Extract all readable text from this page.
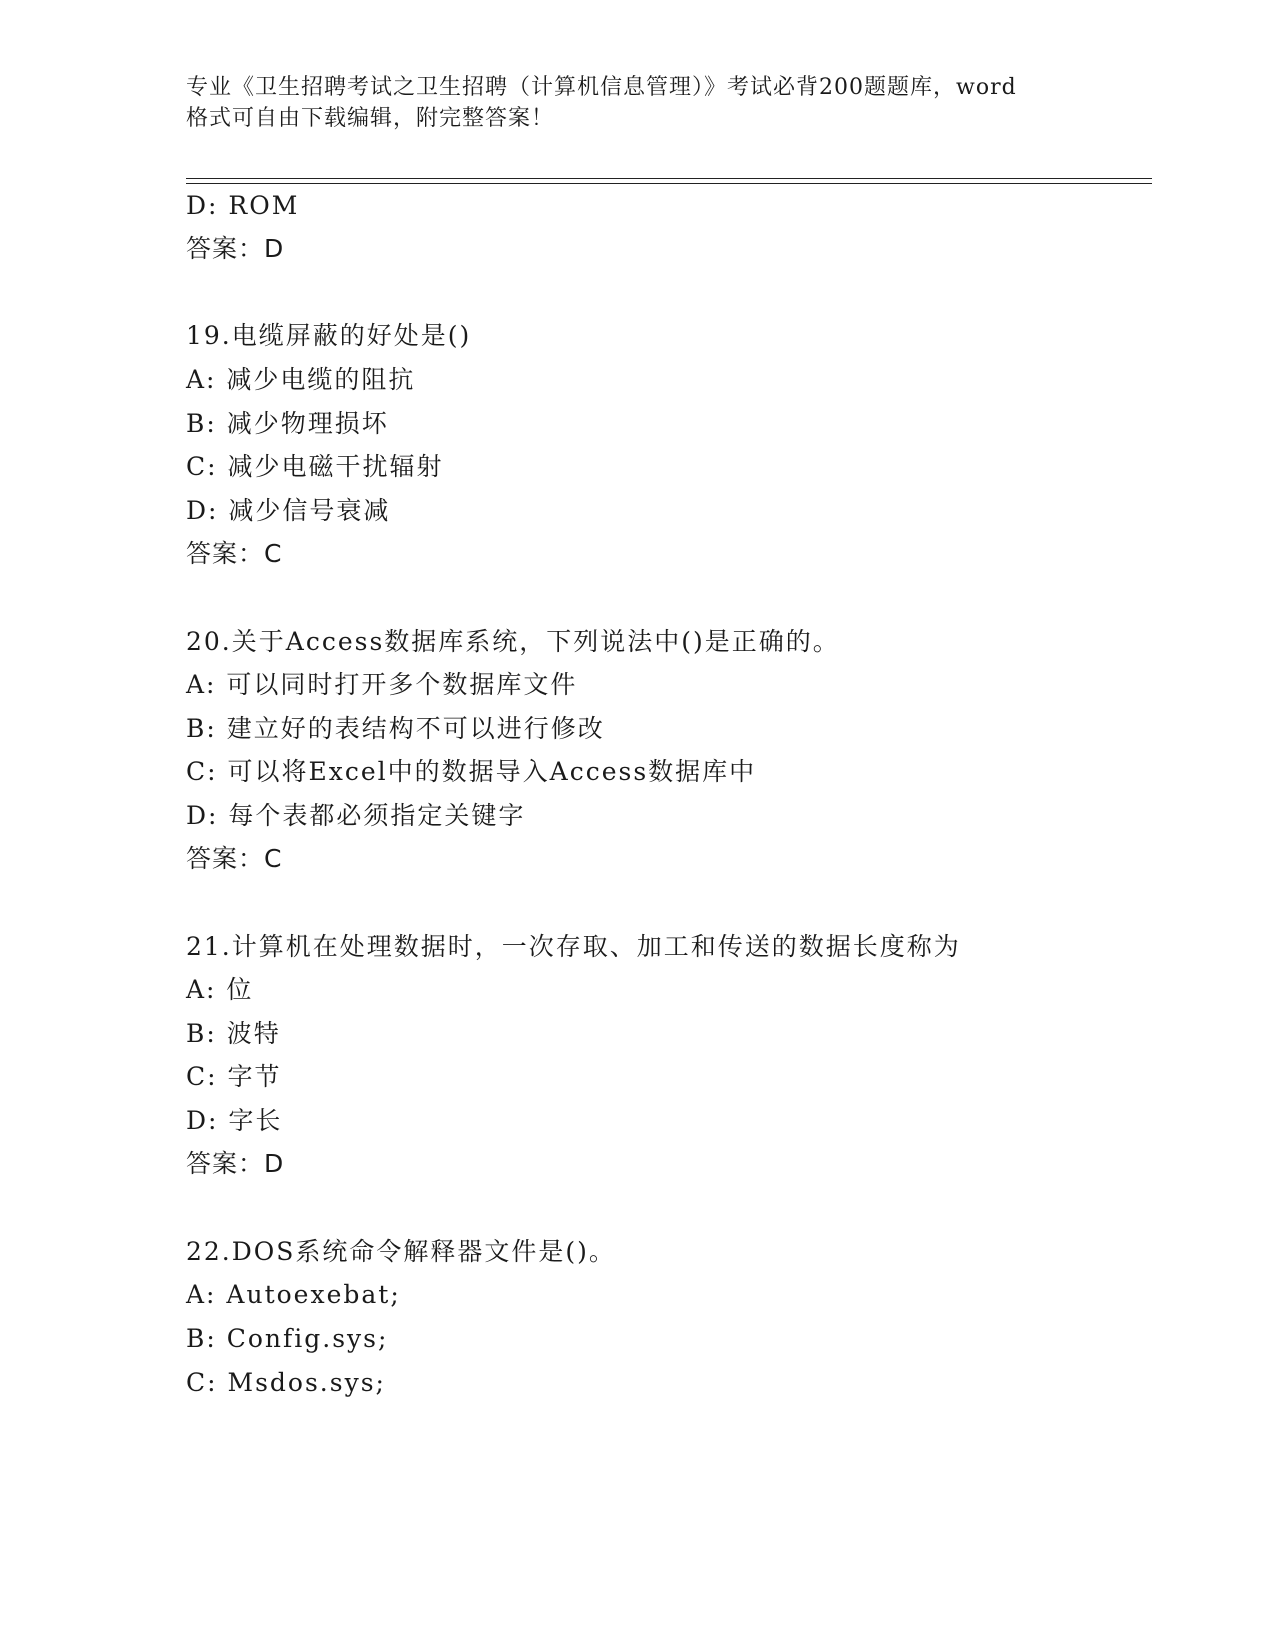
专业《卫生招聘考试之卫生招聘（计算机信息管理）》考试必背200题题库，word
格式可自由下载编辑，附完整答案！
D: ROM
答案：D
19.电缆屏蔽的好处是()
A: 减少电缆的阻抗
B: 减少物理损坏
C: 减少电磁干扰辐射
D: 减少信号衰减
答案：C
20.关于Access数据库系统，下列说法中()是正确的。
A: 可以同时打开多个数据库文件
B: 建立好的表结构不可以进行修改
C: 可以将Excel中的数据导入Access数据库中
D: 每个表都必须指定关键字
答案：C
21.计算机在处理数据时，一次存取、加工和传送的数据长度称为
A: 位
B: 波特
C: 字节
D: 字长
答案：D
22.DOS系统命令解释器文件是()。
A: Autoexebat;
B: Config.sys;
C: Msdos.sys;
